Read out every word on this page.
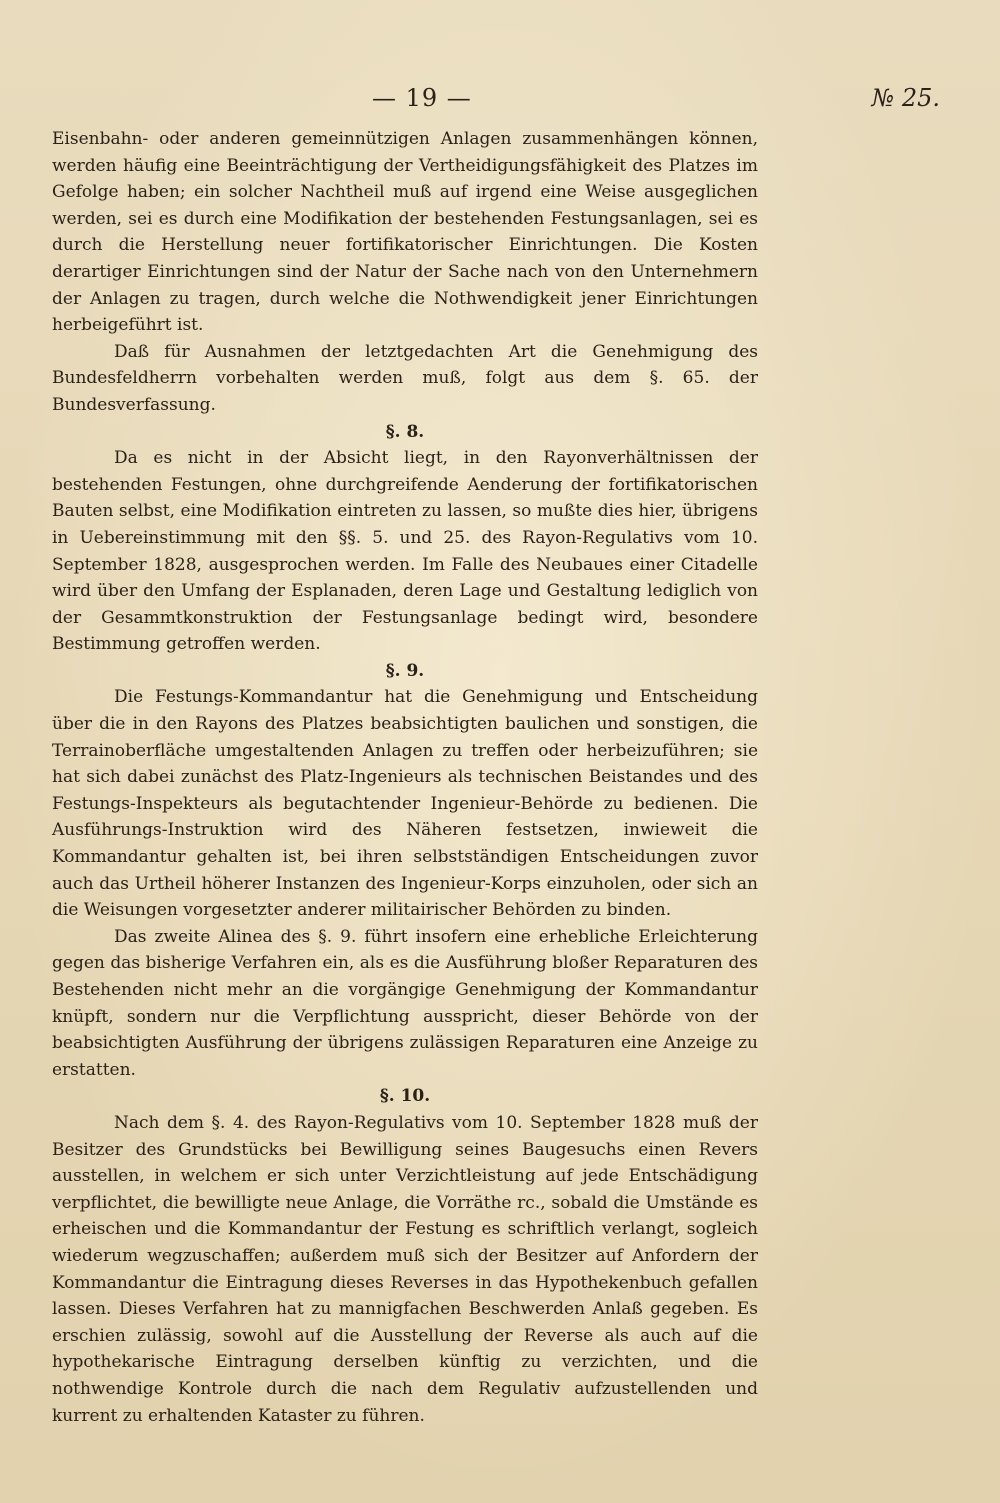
— 19 —	№ 25.

Eisenbahn- oder anderen gemeinnützigen Anlagen zusammenhängen können, werden häufig eine Beeinträchtigung der Vertheidigungsfähigkeit des Platzes im Gefolge haben; ein solcher Nachtheil muß auf irgend eine Weise ausgeglichen werden, sei es durch eine Modifikation der bestehenden Festungsanlagen, sei es durch die Herstellung neuer fortifikatorischer Einrichtungen. Die Kosten derartiger Einrichtungen sind der Natur der Sache nach von den Unternehmern der Anlagen zu tragen, durch welche die Nothwendigkeit jener Einrichtungen herbeigeführt ist.

Daß für Ausnahmen der letztgedachten Art die Genehmigung des Bundesfeldherrn vorbehalten werden muß, folgt aus dem §. 65. der Bundesverfassung.

§. 8.

Da es nicht in der Absicht liegt, in den Rayonverhältnissen der bestehenden Festungen, ohne durchgreifende Aenderung der fortifikatorischen Bauten selbst, eine Modifikation eintreten zu lassen, so mußte dies hier, übrigens in Uebereinstimmung mit den §§. 5. und 25. des Rayon-Regulativs vom 10. September 1828, ausgesprochen werden. Im Falle des Neubaues einer Citadelle wird über den Umfang der Esplanaden, deren Lage und Gestaltung lediglich von der Gesammtkonstruktion der Festungsanlage bedingt wird, besondere Bestimmung getroffen werden.

§. 9.

Die Festungs-Kommandantur hat die Genehmigung und Entscheidung über die in den Rayons des Platzes beabsichtigten baulichen und sonstigen, die Terrainoberfläche umgestaltenden Anlagen zu treffen oder herbeizuführen; sie hat sich dabei zunächst des Platz-Ingenieurs als technischen Beistandes und des Festungs-Inspekteurs als begutachtender Ingenieur-Behörde zu bedienen. Die Ausführungs-Instruktion wird des Näheren festsetzen, inwieweit die Kommandantur gehalten ist, bei ihren selbstständigen Entscheidungen zuvor auch das Urtheil höherer Instanzen des Ingenieur-Korps einzuholen, oder sich an die Weisungen vorgesetzter anderer militairischer Behörden zu binden.

Das zweite Alinea des §. 9. führt insofern eine erhebliche Erleichterung gegen das bisherige Verfahren ein, als es die Ausführung bloßer Reparaturen des Bestehenden nicht mehr an die vorgängige Genehmigung der Kommandantur knüpft, sondern nur die Verpflichtung ausspricht, dieser Behörde von der beabsichtigten Ausführung der übrigens zulässigen Reparaturen eine Anzeige zu erstatten.

§. 10.

Nach dem §. 4. des Rayon-Regulativs vom 10. September 1828 muß der Besitzer des Grundstücks bei Bewilligung seines Baugesuchs einen Revers ausstellen, in welchem er sich unter Verzichtleistung auf jede Entschädigung verpflichtet, die bewilligte neue Anlage, die Vorräthe rc., sobald die Umstände es erheischen und die Kommandantur der Festung es schriftlich verlangt, sogleich wiederum wegzuschaffen; außerdem muß sich der Besitzer auf Anfordern der Kommandantur die Eintragung dieses Reverses in das Hypothekenbuch gefallen lassen. Dieses Verfahren hat zu mannigfachen Beschwerden Anlaß gegeben. Es erschien zulässig, sowohl auf die Ausstellung der Reverse als auch auf die hypothekarische Eintragung derselben künftig zu verzichten, und die nothwendige Kontrole durch die nach dem Regulativ aufzustellenden und kurrent zu erhaltenden Kataster zu führen.
